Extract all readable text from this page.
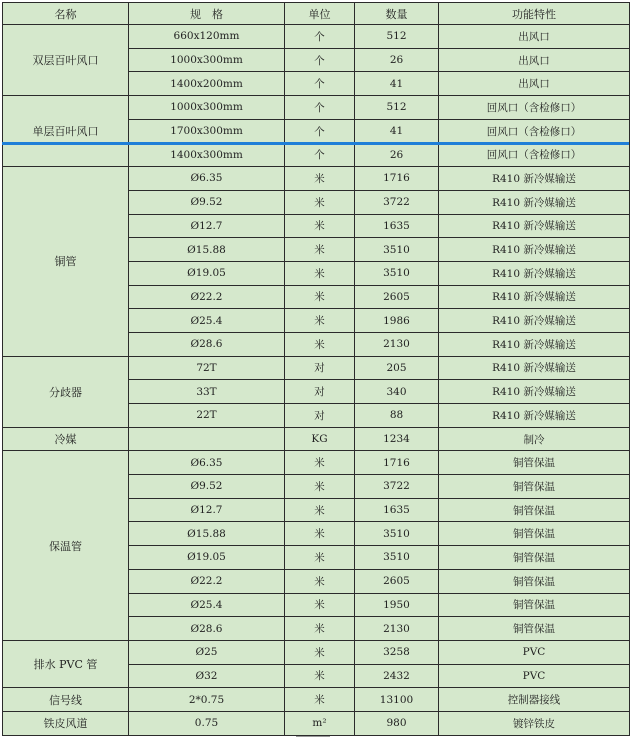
名称	规　格	单位	数量	功能特性
双层百叶风口	660x120mm	个	512	出风口
	1000x300mm	个	26	出风口
	1400x200mm	个	41	出风口
单层百叶风口	1000x300mm	个	512	回风口（含检修口）
	1700x300mm	个	41	回风口（含检修口）
	1400x300mm	个	26	回风口（含检修口）
铜管	Ø6.35	米	1716	R410 新冷媒输送
	Ø9.52	米	3722	R410 新冷媒输送
	Ø12.7	米	1635	R410 新冷媒输送
	Ø15.88	米	3510	R410 新冷媒输送
	Ø19.05	米	3510	R410 新冷媒输送
	Ø22.2	米	2605	R410 新冷媒输送
	Ø25.4	米	1986	R410 新冷媒输送
	Ø28.6	米	2130	R410 新冷媒输送
分歧器	72T	对	205	R410 新冷媒输送
	33T	对	340	R410 新冷媒输送
	22T	对	88	R410 新冷媒输送
冷媒		KG	1234	制冷
保温管	Ø6.35	米	1716	铜管保温
	Ø9.52	米	3722	铜管保温
	Ø12.7	米	1635	铜管保温
	Ø15.88	米	3510	铜管保温
	Ø19.05	米	3510	铜管保温
	Ø22.2	米	2605	铜管保温
	Ø25.4	米	1950	铜管保温
	Ø28.6	米	2130	铜管保温
排水 PVC 管	Ø25	米	3258	PVC
	Ø32	米	2432	PVC
信号线	2*0.75	米	13100	控制器接线
铁皮风道	0.75	m²	980	镀锌铁皮
